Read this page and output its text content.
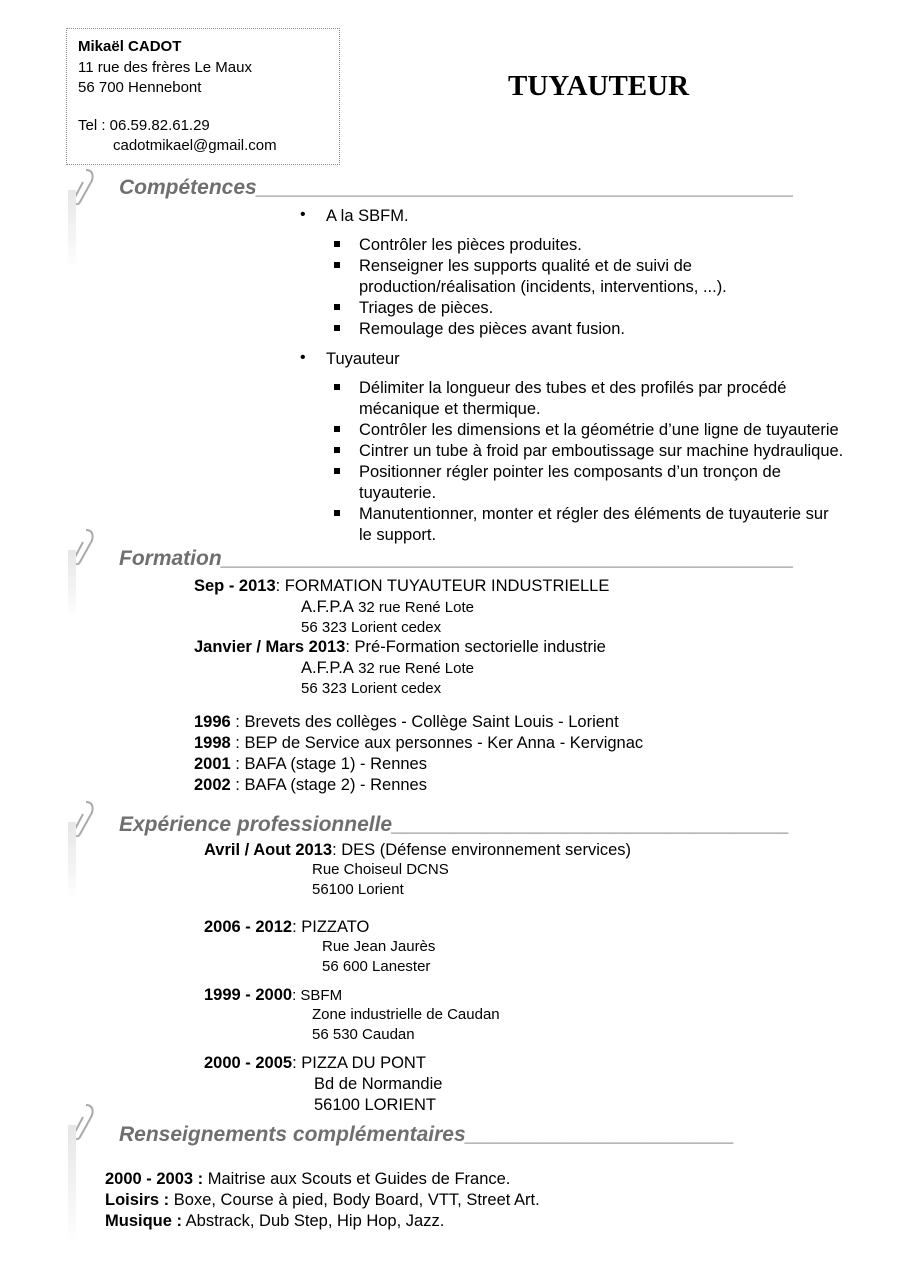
Mikaël CADOT
11 rue des frères Le Maux
56 700 Hennebont
Tel : 06.59.82.61.29
cadotmikael@gmail.com
TUYAUTEUR
Compétences______________________________________________
Formation_________________________________________________
Expérience professionnelle__________________________________
Renseignements complémentaires_______________________
• A la SBFM.
Contrôler les pièces produites.
Renseigner les supports qualité et de suivi de
production/réalisation (incidents, interventions, ...).
Triages de pièces.
Remoulage des pièces avant fusion.
• Tuyauteur
Délimiter la longueur des tubes et des profilés par procédé
mécanique et thermique.
Contrôler les dimensions et la géométrie d’une ligne de tuyauterie
Cintrer un tube à froid par emboutissage sur machine hydraulique.
Positionner régler pointer les composants d’un tronçon de
tuyauterie.
Manutentionner, monter et régler des éléments de tuyauterie sur
le support.
Sep - 2013: FORMATION TUYAUTEUR INDUSTRIELLE
A.F.P.A 32 rue René Lote
56 323 Lorient cedex
Janvier / Mars 2013: Pré-Formation sectorielle industrie
A.F.P.A 32 rue René Lote
56 323 Lorient cedex
1996 : Brevets des collèges - Collège Saint Louis - Lorient
1998 : BEP de Service aux personnes - Ker Anna - Kervignac
2001 : BAFA (stage 1) - Rennes
2002 : BAFA (stage 2) - Rennes
Avril / Aout 2013: DES (Défense environnement services)
Rue Choiseul DCNS
56100 Lorient
2006 - 2012: PIZZATO
Rue Jean Jaurès
56 600 Lanester
1999 - 2000: SBFM
Zone industrielle de Caudan
56 530 Caudan
2000 - 2005: PIZZA DU PONT
Bd de Normandie
56100 LORIENT
2000 - 2003 : Maitrise aux Scouts et Guides de France.
Loisirs : Boxe, Course à pied, Body Board, VTT, Street Art.
Musique : Abstrack, Dub Step, Hip Hop, Jazz.
